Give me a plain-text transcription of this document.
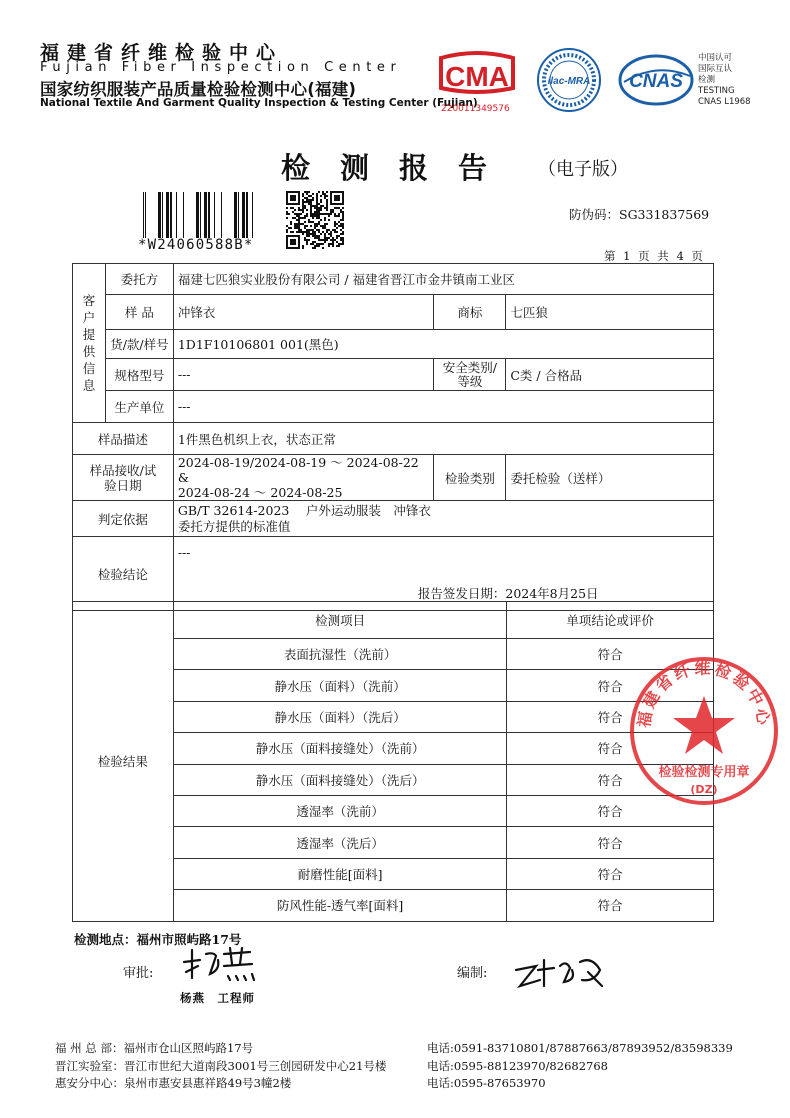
福建省纤维检验中心
Fujian Fiber Inspection Center
国家纺织服装产品质量检验检测中心(福建)
National Textile And Garment Quality Inspection & Testing Center (Fujian)
CMA
220011349576
ilac-MRA CNAS
中国认可
国际互认
检测
TESTING
CNAS L1968
检测报告 （电子版）
*W24060588B*
防伪码：SG331837569
第 1 页 共 4 页
客户提供信息	委托方	福建七匹狼实业股份有限公司 / 福建省晋江市金井镇南工业区		
	样 品	冲锋衣	商标	七匹狼
	货/款/样号	1D1F10106801 001(黑色)		
	规格型号	---	安全类别/等级	C类 / 合格品
	生产单位	---		
样品描述		1件黑色机织上衣，状态正常		
样品接收/试验日期		2024-08-19/2024-08-19 ～ 2024-08-22 &
2024-08-24 ～ 2024-08-25	检验类别	委托检验（送样）
判定依据		GB/T 32614-2023　 户外运动服装　冲锋衣
委托方提供的标准值		

检验结论		---
报告签发日期：2024年8月25日		
检验结果	检测项目	单项结论或评价
	表面抗湿性（洗前）	符合
	静水压（面料）（洗前）	符合
	静水压（面料）（洗后）	符合
	静水压（面料接缝处）（洗前）	符合
	静水压（面料接缝处）（洗后）	符合
	透湿率（洗前）	符合
	透湿率（洗后）	符合
	耐磨性能[面料]	符合
	防风性能-透气率[面料]	符合
福建省纤维检验中心
检验检测专用章
(DZ)
检测地点：福州市照屿路17号
审批:
杨燕　工程师
编制:
福 州 总 部：福州市仓山区照屿路17号	电话:0591-83710801/87887663/87893952/83598339
晋江实验室：晋江市世纪大道南段3001号三创园研发中心21号楼	电话:0595-88123970/82682768
惠安分中心：泉州市惠安县惠祥路49号3幢2楼	电话:0595-87653970
